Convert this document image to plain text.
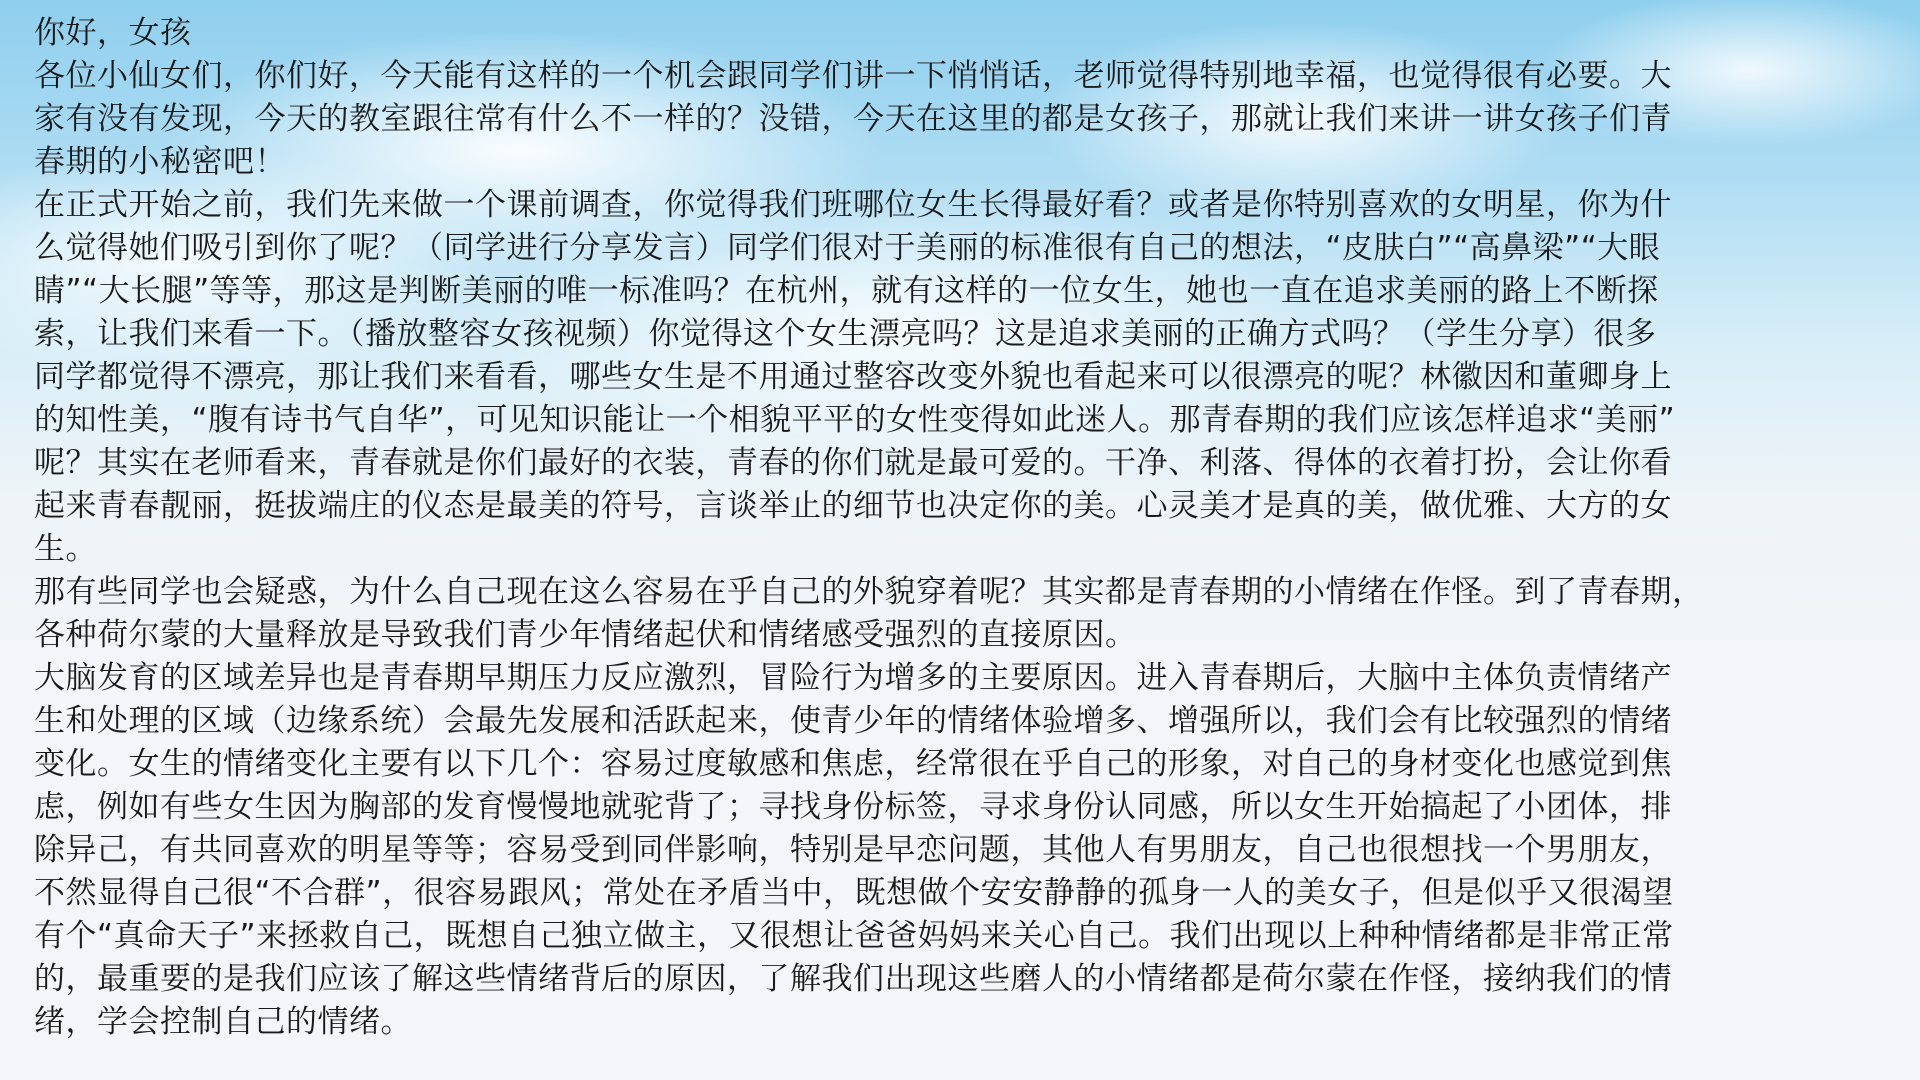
你好，女孩

各位小仙女们，你们好，今天能有这样的一个机会跟同学们讲一下悄悄话，老师觉得特别地幸福，也觉得很有必要。大

家有没有发现，今天的教室跟往常有什么不一样的？没错，今天在这里的都是女孩子，那就让我们来讲一讲女孩子们青

春期的小秘密吧！

在正式开始之前，我们先来做一个课前调查，你觉得我们班哪位女生长得最好看？或者是你特别喜欢的女明星，你为什

么觉得她们吸引到你了呢？（同学进行分享发言）同学们很对于美丽的标准很有自己的想法，“皮肤白”“高鼻梁”“大眼

睛”“大长腿”等等，那这是判断美丽的唯一标准吗？在杭州，就有这样的一位女生，她也一直在追求美丽的路上不断探

索，让我们来看一下。（播放整容女孩视频）你觉得这个女生漂亮吗？这是追求美丽的正确方式吗？（学生分享）很多

同学都觉得不漂亮，那让我们来看看，哪些女生是不用通过整容改变外貌也看起来可以很漂亮的呢？林徽因和董卿身上

的知性美，“腹有诗书气自华”，可见知识能让一个相貌平平的女性变得如此迷人。那青春期的我们应该怎样追求“美丽”

呢？其实在老师看来，青春就是你们最好的衣装，青春的你们就是最可爱的。干净、利落、得体的衣着打扮，会让你看

起来青春靓丽，挺拔端庄的仪态是最美的符号，言谈举止的细节也决定你的美。心灵美才是真的美，做优雅、大方的女

生。

那有些同学也会疑惑，为什么自己现在这么容易在乎自己的外貌穿着呢？其实都是青春期的小情绪在作怪。到了青春期，

各种荷尔蒙的大量释放是导致我们青少年情绪起伏和情绪感受强烈的直接原因。

大脑发育的区域差异也是青春期早期压力反应激烈，冒险行为增多的主要原因。进入青春期后，大脑中主体负责情绪产

生和处理的区域（边缘系统）会最先发展和活跃起来，使青少年的情绪体验增多、增强所以，我们会有比较强烈的情绪

变化。女生的情绪变化主要有以下几个：容易过度敏感和焦虑，经常很在乎自己的形象，对自己的身材变化也感觉到焦

虑，例如有些女生因为胸部的发育慢慢地就驼背了；寻找身份标签，寻求身份认同感，所以女生开始搞起了小团体，排

除异己，有共同喜欢的明星等等；容易受到同伴影响，特别是早恋问题，其他人有男朋友，自己也很想找一个男朋友，

不然显得自己很“不合群”，很容易跟风；常处在矛盾当中，既想做个安安静静的孤身一人的美女子，但是似乎又很渴望

有个“真命天子”来拯救自己，既想自己独立做主，又很想让爸爸妈妈来关心自己。我们出现以上种种情绪都是非常正常

的，最重要的是我们应该了解这些情绪背后的原因，了解我们出现这些磨人的小情绪都是荷尔蒙在作怪，接纳我们的情

绪，学会控制自己的情绪。
